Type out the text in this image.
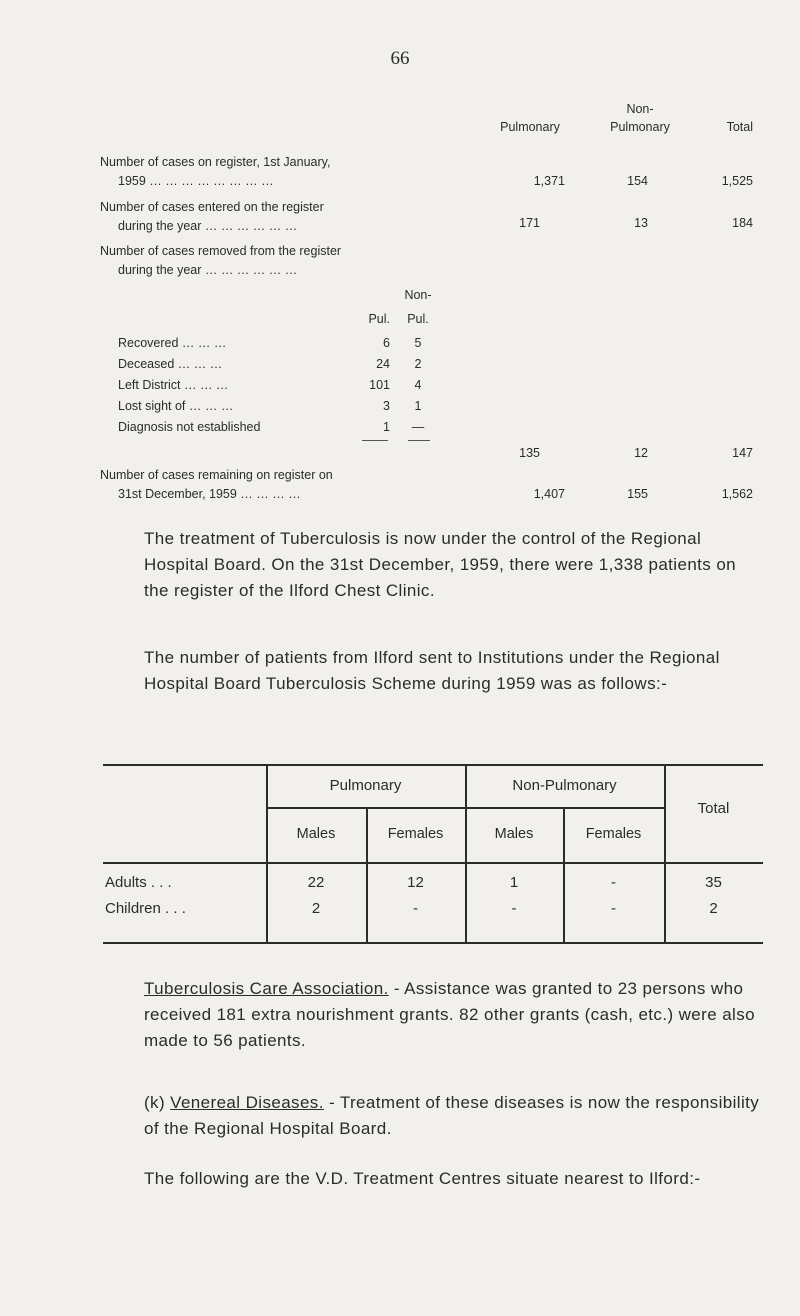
66
Pulmonary
Non-
Pulmonary	Total
Number of cases on register, 1st January,
1959 … … … … … … … …	1,371	154	1,525
Number of cases entered on the register
during the year … … … … … …	171	13	184
Number of cases removed from the register
during the year … … … … … …
Non-
Pul.	Pul.
Recovered … … …	6	5
Deceased … … …	24	2
Left District … … …	101	4
Lost sight of … … …	3	1
Diagnosis not established	1	—
135	12	147
Number of cases remaining on register on
31st December, 1959 … … … …	1,407	155	1,562

The treatment of Tuberculosis is now under the control of the Regional Hospital Board. On the 31st December, 1959, there were 1,338 patients on the register of the Ilford Chest Clinic.

The number of patients from Ilford sent to Institutions under the Regional Hospital Board Tuberculosis Scheme during 1959 was as follows:-

Pulmonary	Non-Pulmonary
Total
Males	Females	Males	Females
Adults . . .	22	12	1	-	35
Children . . .	2	-	-	-	2

Tuberculosis Care Association. - Assistance was granted to 23 persons who received 181 extra nourishment grants. 82 other grants (cash, etc.) were also made to 56 patients.

(k) Venereal Diseases. - Treatment of these diseases is now the responsibility of the Regional Hospital Board.

The following are the V.D. Treatment Centres situate nearest to Ilford:-
